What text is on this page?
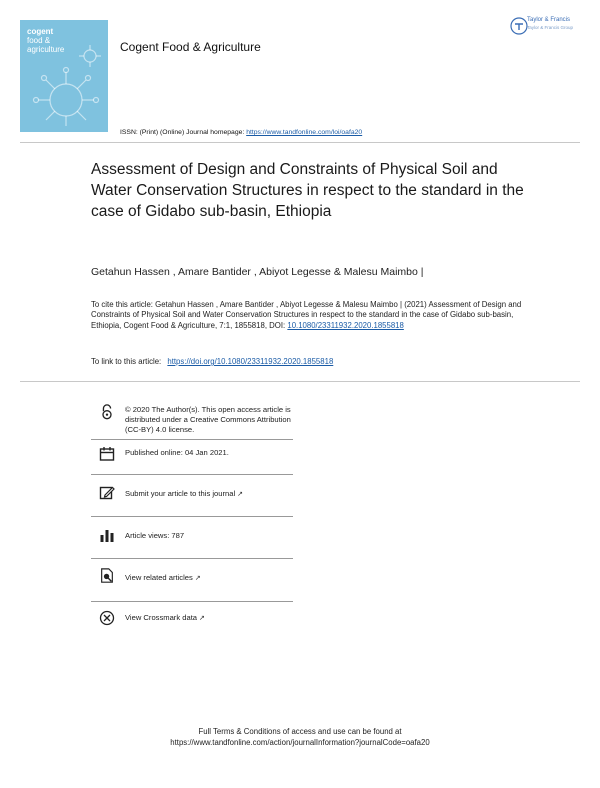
cogent
food &
agriculture	Cogent Food & Agriculture
Taylor & Francis
Taylor & Francis Group
ISSN: (Print) (Online) Journal homepage: https://www.tandfonline.com/loi/oafa20
Assessment of Design and Constraints of Physical Soil and Water Conservation Structures in respect to the standard in the case of Gidabo sub-basin, Ethiopia
Getahun Hassen , Amare Bantider , Abiyot Legesse & Malesu Maimbo |
To cite this article: Getahun Hassen , Amare Bantider , Abiyot Legesse & Malesu Maimbo | (2021) Assessment of Design and Constraints of Physical Soil and Water Conservation Structures in respect to the standard in the case of Gidabo sub-basin, Ethiopia, Cogent Food & Agriculture, 7:1, 1855818, DOI: 10.1080/23311932.2020.1855818
To link to this article: https://doi.org/10.1080/23311932.2020.1855818
© 2020 The Author(s). This open access article is distributed under a Creative Commons Attribution (CC-BY) 4.0 license.
Published online: 04 Jan 2021.
Submit your article to this journal ↗
Article views: 787
View related articles ↗
View Crossmark data ↗
Full Terms & Conditions of access and use can be found at
https://www.tandfonline.com/action/journalInformation?journalCode=oafa20
